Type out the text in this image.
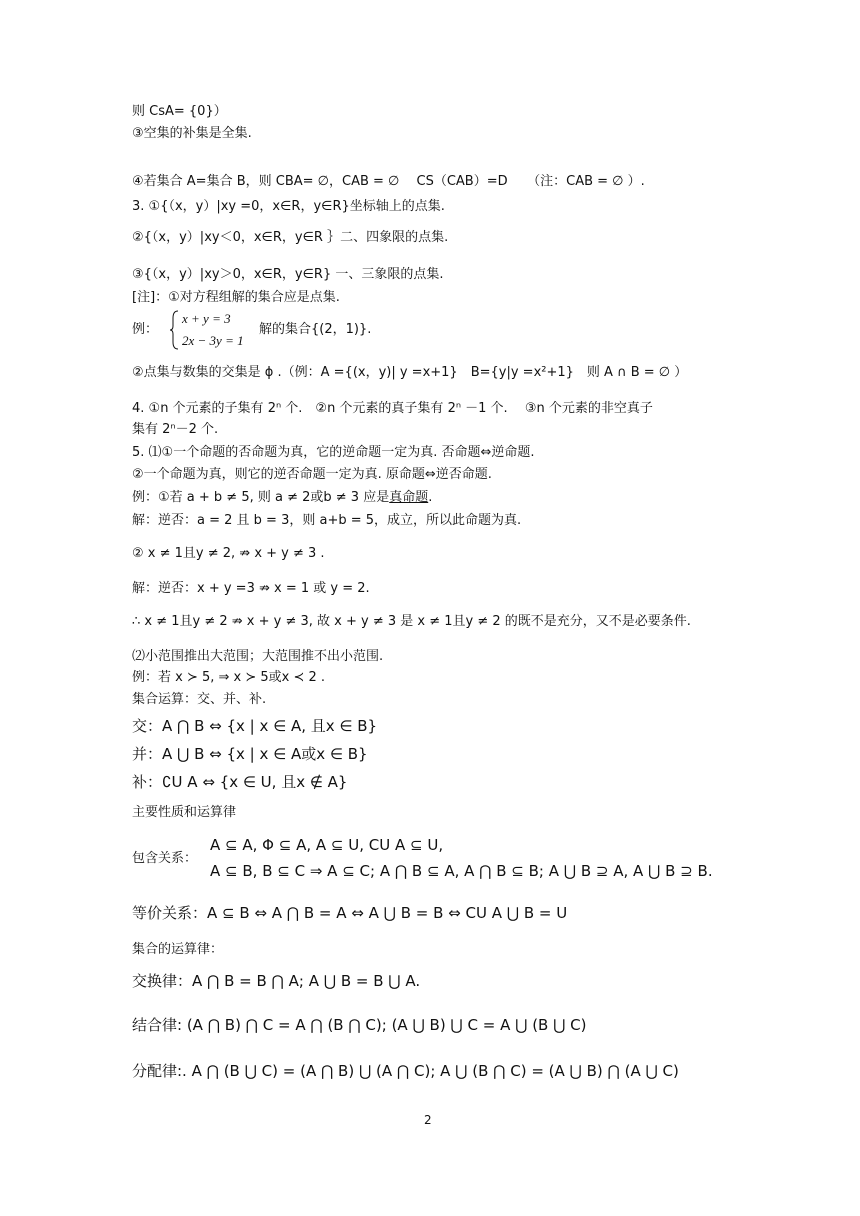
则 CsA= {0}）
③空集的补集是全集.
④若集合 A=集合 B，则 CBA= ∅，CAB = ∅　 CS（CAB）=D　　（注：CAB = ∅ ）.
3. ①{（x，y）|xy =0，x∈R，y∈R}坐标轴上的点集.
②{（x，y）|xy＜0，x∈R，y∈R ｝二、四象限的点集.
③{（x，y）|xy＞0，x∈R，y∈R} 一、三象限的点集.
[注]：①对方程组解的集合应是点集.
例：
x + y = 3
2x − 3y = 1
解的集合{(2，1)}.
②点集与数集的交集是 ϕ .（例：A ={(x，y)| y =x+1}　B={y|y =x²+1}　则 A ∩ B = ∅ ）
4. ①n 个元素的子集有 2ⁿ 个.　②n 个元素的真子集有 2ⁿ －1 个.　 ③n 个元素的非空真子
集有 2ⁿ－2 个.
5. ⑴①一个命题的否命题为真，它的逆命题一定为真. 否命题⇔逆命题.
②一个命题为真，则它的逆否命题一定为真. 原命题⇔逆否命题.
例：①若 a + b ≠ 5, 则 a ≠ 2或b ≠ 3 应是真命题.
解：逆否：a = 2 且 b = 3，则 a+b = 5，成立，所以此命题为真.
② x ≠ 1且y ≠ 2, ⇏ x + y ≠ 3 .
解：逆否：x + y =3 ⇏ x = 1 或 y = 2.
∴ x ≠ 1且y ≠ 2 ⇏ x + y ≠ 3, 故 x + y ≠ 3 是 x ≠ 1且y ≠ 2 的既不是充分，又不是必要条件.
⑵小范围推出大范围；大范围推不出小范围.
例：若 x ≻ 5, ⇒ x ≻ 5或x ≺ 2 .
集合运算：交、并、补.
交：A ⋂ B ⇔ {x | x ∈ A, 且x ∈ B}
并：A ⋃ B ⇔ {x | x ∈ A或x ∈ B}
补：∁U A ⇔ {x ∈ U, 且x ∉ A}
主要性质和运算律
包含关系：
A ⊆ A, Φ ⊆ A, A ⊆ U, CU A ⊆ U,
A ⊆ B, B ⊆ C ⇒ A ⊆ C; A ⋂ B ⊆ A, A ⋂ B ⊆ B; A ⋃ B ⊇ A, A ⋃ B ⊇ B.
等价关系：A ⊆ B ⇔ A ⋂ B = A ⇔ A ⋃ B = B ⇔ CU A ⋃ B = U
集合的运算律：
交换律：A ⋂ B = B ⋂ A; A ⋃ B = B ⋃ A.
结合律: (A ⋂ B) ⋂ C = A ⋂ (B ⋂ C); (A ⋃ B) ⋃ C = A ⋃ (B ⋃ C)
分配律:. A ⋂ (B ⋃ C) = (A ⋂ B) ⋃ (A ⋂ C); A ⋃ (B ⋂ C) = (A ⋃ B) ⋂ (A ⋃ C)
2
